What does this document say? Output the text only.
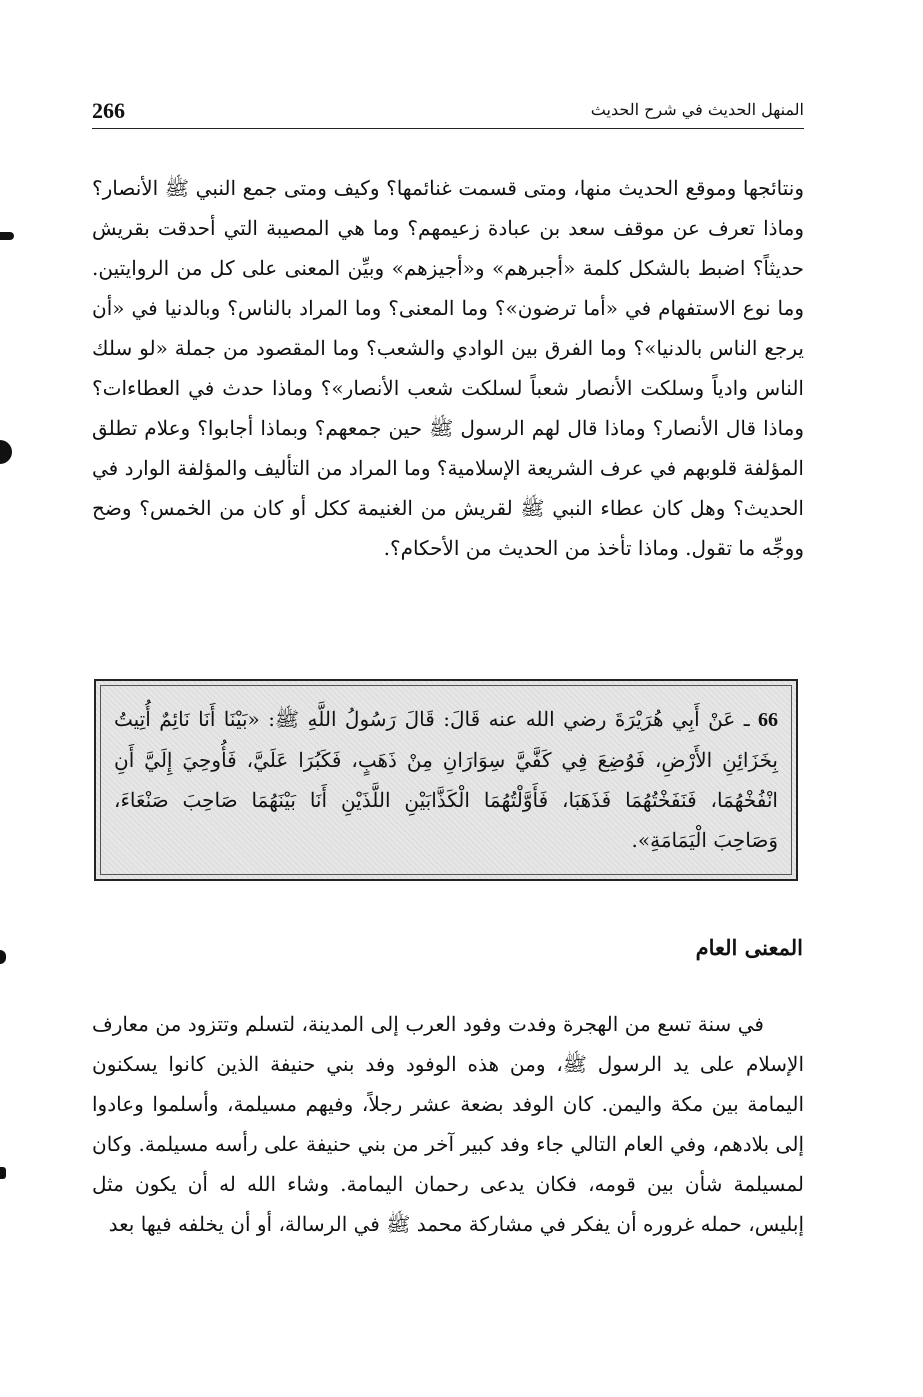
266	المنهل الحديث في شرح الحديث

ونتائجها وموقع الحديث منها، ومتى قسمت غنائمها؟ وكيف ومتى جمع النبي ﷺ الأنصار؟ وماذا تعرف عن موقف سعد بن عبادة زعيمهم؟ وما هي المصيبة التي أحدقت بقريش حديثاً؟ اضبط بالشكل كلمة «أجبرهم» و«أجيزهم» وبيِّن المعنى على كل من الروايتين. وما نوع الاستفهام في «أما ترضون»؟ وما المعنى؟ وما المراد بالناس؟ وبالدنيا في «أن يرجع الناس بالدنيا»؟ وما الفرق بين الوادي والشعب؟ وما المقصود من جملة «لو سلك الناس وادياً وسلكت الأنصار شعباً لسلكت شعب الأنصار»؟ وماذا حدث في العطاءات؟ وماذا قال الأنصار؟ وماذا قال لهم الرسول ﷺ حين جمعهم؟ وبماذا أجابوا؟ وعلام تطلق المؤلفة قلوبهم في عرف الشريعة الإسلامية؟ وما المراد من التأليف والمؤلفة الوارد في الحديث؟ وهل كان عطاء النبي ﷺ لقريش من الغنيمة ككل أو كان من الخمس؟ وضح ووجِّه ما تقول. وماذا تأخذ من الحديث من الأحكام؟.

66 ـ عَنْ أَبِي هُرَيْرَةَ رضي الله عنه قَالَ: قَالَ رَسُولُ اللَّهِ ﷺ: «بَيْنَا أَنَا نَائِمٌ أُتِيتُ بِخَزَائِنِ الأَرْضِ، فَوُضِعَ فِي كَفَّيَّ سِوَارَانِ مِنْ ذَهَبٍ، فَكَبُرَا عَلَيَّ، فَأُوحِيَ إِلَيَّ أَنِ انْفُخْهُمَا، فَنَفَخْتُهُمَا فَذَهَبَا، فَأَوَّلْتُهُمَا الْكَذَّابَيْنِ اللَّذَيْنِ أَنَا بَيْنَهُمَا صَاحِبَ صَنْعَاءَ، وَصَاحِبَ الْيَمَامَةِ».
المعنى العام

في سنة تسع من الهجرة وفدت وفود العرب إلى المدينة، لتسلم وتتزود من معارف الإسلام على يد الرسول ﷺ، ومن هذه الوفود وفد بني حنيفة الذين كانوا يسكنون اليمامة بين مكة واليمن. كان الوفد بضعة عشر رجلاً، وفيهم مسيلمة، وأسلموا وعادوا إلى بلادهم، وفي العام التالي جاء وفد كبير آخر من بني حنيفة على رأسه مسيلمة. وكان لمسيلمة شأن بين قومه، فكان يدعى رحمان اليمامة. وشاء الله له أن يكون مثل إبليس، حمله غروره أن يفكر في مشاركة محمد ﷺ في الرسالة، أو أن يخلفه فيها بعد
